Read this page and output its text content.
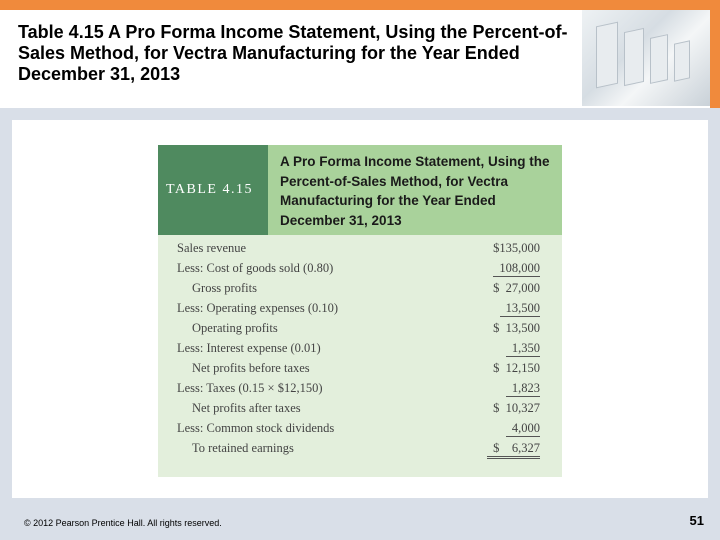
Table 4.15 A Pro Forma Income Statement, Using the Percent-of-Sales Method, for Vectra Manufacturing for the Year Ended December 31, 2013
TABLE 4.15
A Pro Forma Income Statement, Using the Percent-of-Sales Method, for Vectra Manufacturing for the Year Ended December 31, 2013
Sales revenue	$135,000
Less: Cost of goods sold (0.80)	108,000
Gross profits	$  27,000
Less: Operating expenses (0.10)	13,500
Operating profits	$  13,500
Less: Interest expense (0.01)	1,350
Net profits before taxes	$  12,150
Less: Taxes (0.15 × $12,150)	1,823
Net profits after taxes	$  10,327
Less: Common stock dividends	4,000
To retained earnings	$    6,327
© 2012 Pearson Prentice Hall. All rights reserved.	51
